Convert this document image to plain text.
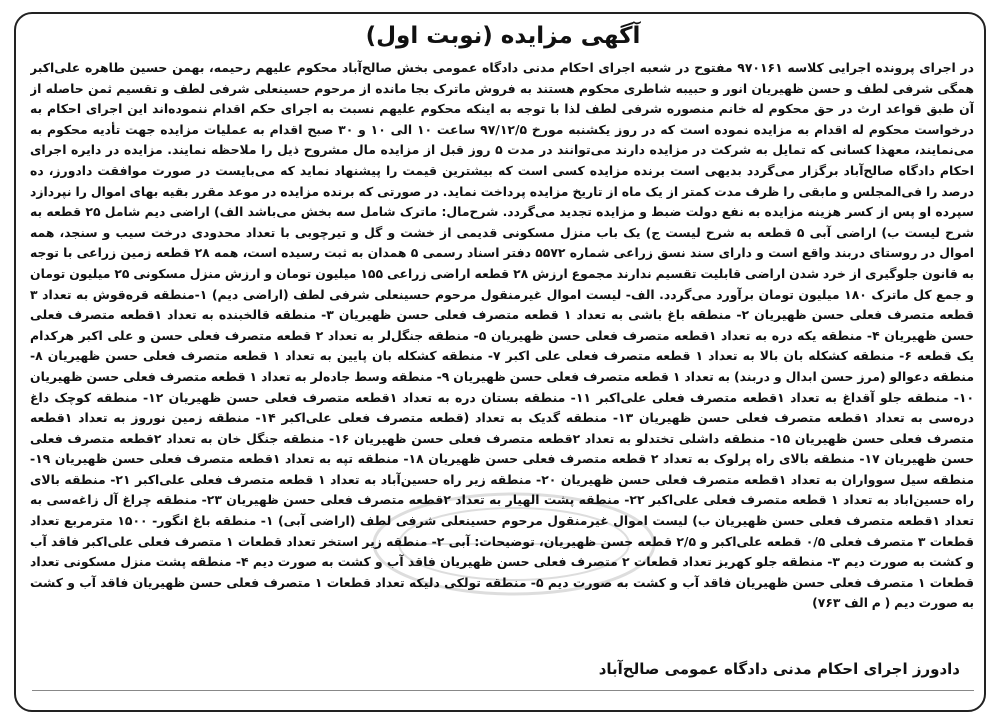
آگهی مزایده (نوبت اول)
در اجرای پرونده اجرایی کلاسه ۹۷۰۱۶۱ مفتوح در شعبه اجرای احکام مدنی دادگاه عمومی بخش صالح‌آباد محکوم علیهم رحیمه، بهمن حسین طاهره علی‌اکبر همگی شرفی لطف و حسن ظهیریان انور و حبیبه شاطری محکوم هستند به فروش ماترک بجا مانده از مرحوم حسینعلی شرفی لطف و تقسیم ثمن حاصله از آن طبق قواعد ارث در حق محکوم له خانم منصوره شرفی لطف لذا با توجه به اینکه محکوم علیهم نسبت به اجرای حکم اقدام ننموده‌اند این اجرای احکام به درخواست محکوم له اقدام به مزایده نموده است که در روز یکشنبه مورخ ۹۷/۱۲/۵ ساعت ۱۰ الی ۱۰ و ۳۰ صبح اقدام به عملیات مزایده جهت تأدیه محکوم به می‌نمایند، معهذا کسانی که تمایل به شرکت در مزایده دارند می‌توانند در مدت ۵ روز قبل از مزایده مال مشروح ذیل را ملاحظه نمایند. مزایده در دایره اجرای احکام دادگاه صالح‌آباد برگزار می‌گردد بدیهی است برنده مزایده کسی است که بیشترین قیمت را پیشنهاد نماید که می‌بایست در صورت موافقت دادورز، ده درصد را فی‌المجلس و مابقی را ظرف مدت کمتر از یک ماه از تاریخ مزایده پرداخت نماید. در صورتی که برنده مزایده در موعد مقرر بقیه بهای اموال را نپردازد سپرده او پس از کسر هزینه مزایده به نفع دولت ضبط و مزایده تجدید می‌گردد. شرح‌مال: ماترک شامل سه بخش می‌باشد الف) اراضی دیم شامل ۲۵ قطعه به شرح لیست ب) اراضی آبی ۵ قطعه به شرح لیست ج) یک باب منزل مسکونی قدیمی از خشت و گل و تیرچوبی با تعداد محدودی درخت سیب و سنجد، همه اموال در روستای دربند واقع است و دارای سند نسق زراعی شماره ۵۵۷۲ دفتر اسناد رسمی ۵ همدان به ثبت رسیده است، همه ۲۸ قطعه زمین زراعی با توجه به قانون جلوگیری از خرد شدن اراضی قابلیت تقسیم ندارند مجموع ارزش ۲۸ قطعه اراضی زراعی ۱۵۵ میلیون تومان و ارزش منزل مسکونی ۲۵ میلیون تومان و جمع کل ماترک ۱۸۰ میلیون تومان برآورد می‌گردد. الف- لیست اموال غیرمنقول مرحوم حسینعلی شرفی لطف (اراضی دیم) ۱-منطقه قره‌قوش به تعداد ۳ قطعه متصرف فعلی حسن ظهیریان ۲- منطقه باغ باشی به تعداد ۱ قطعه متصرف فعلی حسن ظهیریان ۳- منطقه قالخبنده به تعداد ۱قطعه متصرف فعلی حسن ظهیریان ۴- منطقه یکه دره به تعداد ۱قطعه متصرف فعلی حسن ظهیریان ۵- منطقه جنگل‌لر به تعداد ۲ قطعه متصرف فعلی حسن و علی اکبر هرکدام یک قطعه ۶- منطقه کشکله بان بالا به تعداد ۱ قطعه متصرف فعلی علی اکبر ۷- منطقه کشکله بان پایین به تعداد ۱ قطعه متصرف فعلی حسن ظهیریان ۸- منطقه دعوالو (مرز حسن ابدال و دربند) به تعداد ۱ قطعه متصرف فعلی حسن ظهیریان ۹- منطقه وسط جاده‌لر به تعداد ۱ قطعه متصرف فعلی حسن ظهیریان ۱۰- منطقه جلو آقداغ به تعداد ۱قطعه متصرف فعلی علی‌اکبر ۱۱- منطقه بستان دره به تعداد ۱قطعه متصرف فعلی حسن ظهیریان ۱۲- منطقه کوچک داغ دره‌سی به تعداد ۱قطعه متصرف فعلی حسن ظهیریان ۱۳- منطقه گدیک به تعداد (قطعه متصرف فعلی علی‌اکبر ۱۴- منطقه زمین نوروز به تعداد ۱قطعه متصرف فعلی حسن ظهیریان ۱۵- منطقه داشلی تختدلو به تعداد ۲قطعه متصرف فعلی حسن ظهیریان ۱۶- منطقه جنگل خان به تعداد ۲قطعه متصرف فعلی حسن ظهیریان ۱۷- منطقه بالای راه پرلوک به تعداد ۲ قطعه متصرف فعلی حسن ظهیریان ۱۸- منطقه تپه به تعداد ۱قطعه متصرف فعلی حسن ظهیریان ۱۹- منطقه سیل سوواران به تعداد ۱قطعه متصرف فعلی حسن ظهیریان ۲۰- منطقه زیر راه حسین‌آباد به تعداد ۱ قطعه متصرف فعلی علی‌اکبر ۲۱- منطقه بالای راه حسین‌اباد به تعداد ۱ قطعه متصرف فعلی علی‌اکبر ۲۲- منطقه پشت الهیار به تعداد ۲قطعه متصرف فعلی حسن ظهیریان ۲۳- منطقه چراغ آل زاغه‌سی به تعداد ۱قطعه متصرف فعلی حسن ظهیریان ب) لیست اموال غیرمنقول مرحوم حسینعلی شرفی لطف (اراضی آبی) ۱- منطقه باغ انگور- ۱۵۰۰ مترمربع تعداد قطعات ۳ متصرف فعلی ۰/۵ قطعه علی‌اکبر و ۲/۵ قطعه حسن ظهیریان، توضیحات: آبی ۲- منطقه زیر استخر تعداد قطعات ۱ متصرف فعلی علی‌اکبر فاقد آب و کشت به صورت دیم ۳- منطقه جلو کهریز تعداد قطعات ۲ متصرف فعلی حسن ظهیریان فاقد آب و کشت به صورت دیم ۴- منطقه پشت منزل مسکونی تعداد قطعات ۱ متصرف فعلی حسن ظهیریان فاقد آب و کشت به صورت دیم ۵- منطقه تولکی دلیکه تعداد قطعات ۱ متصرف فعلی حسن ظهیریان فاقد آب و کشت به صورت دیم ( م الف ۷۶۳)
دادورز اجرای احکام مدنی دادگاه عمومی صالح‌آباد
